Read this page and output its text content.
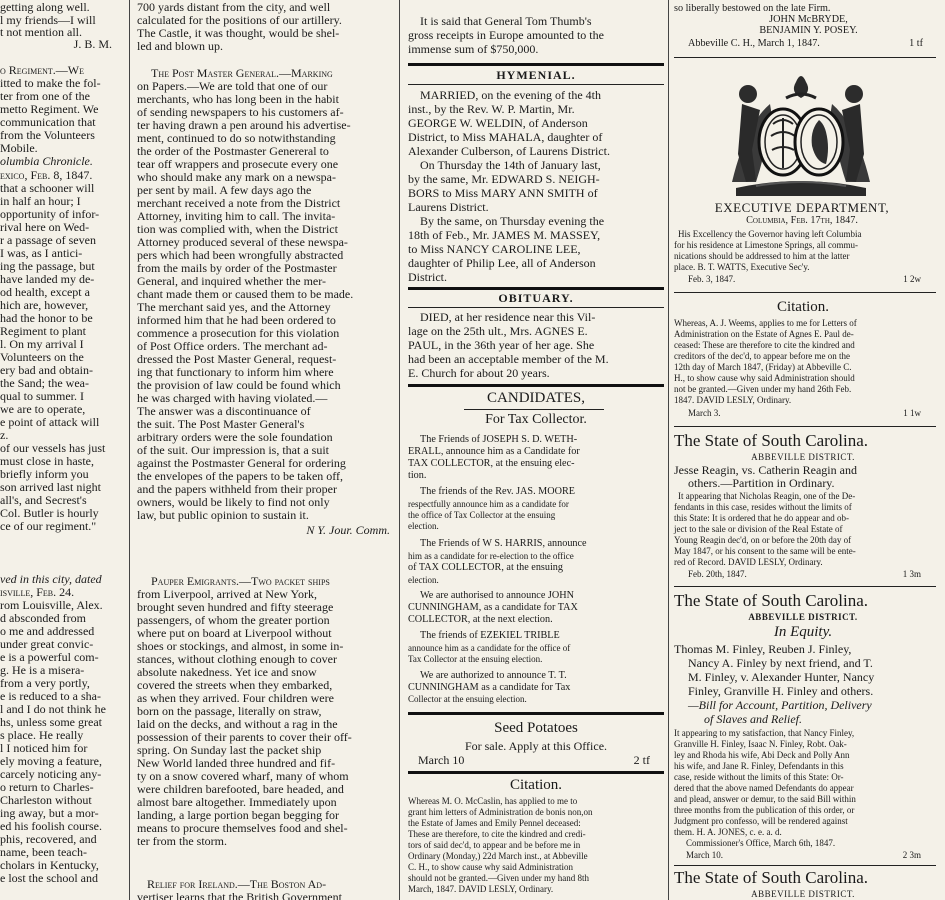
getting along well.
l my friends—I will
t not mention all.
J. B. M.
o Regiment.—We
itted to make the fol-
ter from one of the
metto Regiment. We
communication that
from the Volunteers
Mobile.
olumbia Chronicle.
exico, Feb. 8, 1847.
that a schooner will
in half an hour; I
opportunity of infor-
rival here on Wed-
r a passage of seven
I was, as I antici-
ing the passage, but
have landed my de-
od health, except a
hich are, however,
had the honor to be
Regiment to plant
l. On my arrival I
Volunteers on the
ery bad and obtain-
the Sand; the wea-
qual to summer. I
we are to operate,
e point of attack will
z.
of our vessels has just
must close in haste,
briefly inform you
son arrived last night
all's, and Secrest's
Col. Butler is hourly
ce of our regiment."
ved in this city, dated
isville, Feb. 24.
rom Louisville, Alex.
d absconded from
o me and addressed
under great convic-
e is a powerful com-
g. He is a misera-
from a very portly,
e is reduced to a sha-
l and I do not think he
hs, unless some great
s place. He really
l I noticed him for
ely moving a feature,
carcely noticing any-
o return to Charles-
Charleston without
ing away, but a mor-
ed his foolish course.
phis, recovered, and
name, been teach-
cholars in Kentucky,
e lost the school and
700 yards distant from the city, and well
calculated for the positions of our artillery.
The Castle, it was thought, would be shel-
led and blown up.
The Post Master General.—Marking
on Papers.—We are told that one of our
merchants, who has long been in the habit
of sending newspapers to his customers af-
ter having drawn a pen around his advertise-
ment, continued to do so notwithstanding
the order of the Postmaster Genereral to
tear off wrappers and prosecute every one
who should make any mark on a newspa-
per sent by mail. A few days ago the
merchant received a note from the District
Attorney, inviting him to call. The invita-
tion was complied with, when the District
Attorney produced several of these newspa-
pers which had been wrongfully abstracted
from the mails by order of the Postmaster
General, and inquired whether the mer-
chant made them or caused them to be made.
The merchant said yes, and the Attorney
informed him that he had been ordered to
commence a prosecution for this violation
of Post Office orders. The merchant ad-
dressed the Post Master General, request-
ing that functionary to inform him where
the provision of law could be found which
he was charged with having violated.—
The answer was a discontinuance of
the suit. The Post Master General's
arbitrary orders were the sole foundation
of the suit. Our impression is, that a suit
against the Postmaster General for ordering
the envelopes of the papers to be taken off,
and the papers withheld from their proper
owners, would be likely to find not only
law, but public opinion to sustain it.
N Y. Jour. Comm.
Pauper Emigrants.—Two packet ships
from Liverpool, arrived at New York,
brought seven hundred and fifty steerage
passengers, of whom the greater portion
where put on board at Liverpool without
shoes or stockings, and almost, in some in-
stances, without clothing enough to cover
absolute nakedness. Yet ice and snow
covered the streets when they embarked,
as when they arrived. Four children were
born on the passage, literally on straw,
laid on the decks, and without a rag in the
possession of their parents to cover their off-
spring. On Sunday last the packet ship
New World landed three hundred and fif-
ty on a snow covered wharf, many of whom
were children barefooted, bare headed, and
almost bare altogether. Immediately upon
landing, a large portion began begging for
means to procure themselves food and shel-
ter from the storm.
Relief for Ireland.—The Boston Ad-
vertiser learns that the British Government
It is said that General Tom Thumb's
gross receipts in Europe amounted to the
immense sum of $750,000.
HYMENIAL.
MARRIED, on the evening of the 4th
inst., by the Rev. W. P. Martin, Mr.
GEORGE W. WELDIN, of Anderson
District, to Miss MAHALA, daughter of
Alexander Culberson, of Laurens District.
On Thursday the 14th of January last,
by the same, Mr. EDWARD S. NEIGH-
BORS to Miss MARY ANN SMITH of
Laurens District.
By the same, on Thursday evening the
18th of Feb., Mr. JAMES M. MASSEY,
to Miss NANCY CAROLINE LEE,
daughter of Philip Lee, all of Anderson
District.
OBITUARY.
DIED, at her residence near this Vil-
lage on the 25th ult., Mrs. AGNES E.
PAUL, in the 36th year of her age. She
had been an acceptable member of the M.
E. Church for about 20 years.
CANDIDATES,
For Tax Collector.
The Friends of JOSEPH S. D. WETH-
ERALL, announce him as a Candidate for
TAX COLLECTOR, at the ensuing elec-
tion.
The friends of the Rev. JAS. MOORE
respectfully announce him as a candidate for
the office of Tax Collector at the ensuing
election.
The Friends of W S. HARRIS, announce
him as a candidate for re-election to the office
of TAX COLLECTOR, at the ensuing
election.
We are authorised to announce JOHN
CUNNINGHAM, as a candidate for TAX
COLLECTOR, at the next election.
The friends of EZEKIEL TRIBLE
announce him as a candidate for the office of
Tax Collector at the ensuing election.
We are authorized to announce T. T.
CUNNINGHAM as a candidate for Tax
Collector at the ensuing election.
Seed Potatoes
For sale. Apply at this Office.
March 10	2 tf
Citation.
Whereas M. O. McCaslin, has applied to me to
grant him letters of Administration de bonis non,on
the Estate of James and Emily Pennel deceased:
These are therefore, to cite the kindred and credi-
tors of said dec'd, to appear and be before me in
Ordinary (Monday,) 22d March inst., at Abbeville
C. H., to show cause why said Administration
should not be granted.—Given under my hand 8th
March, 1847. DAVID LESLY, Ordinary.
so liberally bestowed on the late Firm.
JOHN McBRYDE,
BENJAMIN Y. POSEY.
Abbeville C. H., March 1, 1847.	1 tf
EXECUTIVE DEPARTMENT,
Columbia, Feb. 17th, 1847.
His Excellency the Governor having left Columbia
for his residence at Limestone Springs, all commu-
nications should be addressed to him at the latter
place. B. T. WATTS, Executive Sec'y.
Feb. 3, 1847.	1 2w
Citation.
Whereas, A. J. Weems, applies to me for Letters of
Administration on the Estate of Agnes E. Paul de-
ceased: These are therefore to cite the kindred and
creditors of the dec'd, to appear before me on the
12th day of March 1847, (Friday) at Abbeville C.
H., to show cause why said Administration should
not be granted.—Given under my hand 26th Feb.
1847. DAVID LESLY, Ordinary.
March 3.	1 1w
The State of South Carolina.
ABBEVILLE DISTRICT.
Jesse Reagin, vs. Catherin Reagin and
others.—Partition in Ordinary.
It appearing that Nicholas Reagin, one of the De-
fendants in this case, resides without the limits of
this State: It is ordered that he do appear and ob-
ject to the sale or division of the Real Estate of
Young Reagin dec'd, on or before the 20th day of
May 1847, or his consent to the same will be ente-
red of Record. DAVID LESLY, Ordinary.
Feb. 20th, 1847.	1 3m
The State of South Carolina.
ABBEVILLE DISTRICT.
In Equity.
Thomas M. Finley, Reuben J. Finley,
Nancy A. Finley by next friend, and T.
M. Finley, v. Alexander Hunter, Nancy
Finley, Granville H. Finley and others.
—Bill for Account, Partition, Delivery
of Slaves and Relief.
It appearing to my satisfaction, that Nancy Finley,
Granville H. Finley, Isaac N. Finley, Robt. Oak-
ley and Rhoda his wife, Abi Deck and Polly Ann
his wife, and Jane R. Finley, Defendants in this
case, reside without the limits of this State: Or-
dered that the above named Defendants do appear
and plead, answer or demur, to the said Bill within
three months from the publication of this order, or
Judgment pro confesso, will be rendered against
them. H. A. JONES, c. e. a. d.
Commissioner's Office, March 6th, 1847.
March 10.	2 3m
The State of South Carolina.
ABBEVILLE DISTRICT.
